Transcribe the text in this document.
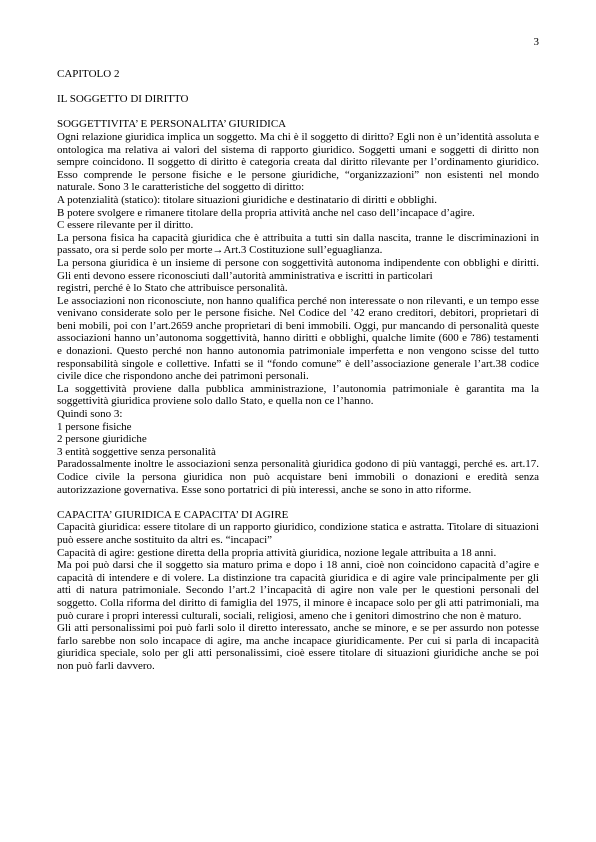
3
CAPITOLO 2
IL SOGGETTO DI DIRITTO
SOGGETTIVITA’ E PERSONALITA’ GIURIDICA

Ogni relazione giuridica implica un soggetto. Ma chi è il soggetto di diritto? Egli non è un’identità assoluta e ontologica ma relativa ai valori del sistema di rapporto giuridico. Soggetti umani e soggetti di diritto non sempre coincidono. Il soggetto di diritto è categoria creata dal diritto rilevante per l’ordinamento giuridico. Esso comprende le persone fisiche e le persone giuridiche, “organizzazioni” non esistenti nel mondo naturale. Sono 3 le caratteristiche del soggetto di diritto:

A potenzialità (statico): titolare situazioni giuridiche e destinatario di diritti e obblighi.

B potere svolgere e rimanere titolare della propria attività anche nel caso dell’incapace d’agire.

C essere rilevante per il diritto.

La persona fisica ha capacità giuridica che è attribuita a tutti sin dalla nascita, tranne le discriminazioni in passato, ora si perde solo per morte→Art.3 Costituzione sull’eguaglianza.

La persona giuridica è un insieme di persone con soggettività autonoma indipendente con obblighi e diritti. Gli enti devono essere riconosciuti dall’autorità amministrativa e iscritti in particolari

registri, perché è lo Stato che attribuisce personalità.

Le associazioni non riconosciute, non hanno qualifica perché non interessate o non rilevanti, e un tempo esse venivano considerate solo per le persone fisiche. Nel Codice del ’42 erano creditori, debitori, proprietari di beni mobili, poi con l’art.2659 anche proprietari di beni immobili. Oggi, pur mancando di personalità queste associazioni hanno un’autonoma soggettività, hanno diritti e obblighi, qualche limite (600 e 786) testamenti e donazioni. Questo perché non hanno autonomia patrimoniale imperfetta e non vengono scisse del tutto responsabilità singole e collettive. Infatti se il “fondo comune” è dell’associazione generale l’art.38 codice civile dice che rispondono anche dei patrimoni personali.

La soggettività proviene dalla pubblica amministrazione, l’autonomia patrimoniale è garantita ma la soggettività giuridica proviene solo dallo Stato, e quella non ce l’hanno.

Quindi sono 3:

1 persone fisiche

2 persone giuridiche

3 entità soggettive senza personalità

Paradossalmente inoltre le associazioni senza personalità giuridica godono di più vantaggi, perché es. art.17. Codice civile la persona giuridica non può acquistare beni immobili o donazioni e eredità senza autorizzazione governativa. Esse sono portatrici di più interessi, anche se sono in atto riforme.

CAPACITA’ GIURIDICA E CAPACITA’ DI AGIRE

Capacità giuridica: essere titolare di un rapporto giuridico, condizione statica e astratta. Titolare di situazioni può essere anche sostituito da altri es. “incapaci”

Capacità di agire: gestione diretta della propria attività giuridica, nozione legale attribuita a 18 anni.

Ma poi può darsi che il soggetto sia maturo prima e dopo i 18 anni, cioè non coincidono capacità d’agire e capacità di intendere e di volere. La distinzione tra capacità giuridica e di agire vale principalmente per gli atti di natura patrimoniale. Secondo l’art.2 l’incapacità di agire non vale per le questioni personali del soggetto. Colla riforma del diritto di famiglia del 1975, il minore è incapace solo per gli atti patrimoniali, ma può curare i propri interessi culturali, sociali, religiosi, ameno che i genitori dimostrino che non è maturo.

Gli atti personalissimi poi può farli solo il diretto interessato, anche se minore, e se per assurdo non potesse farlo sarebbe non solo incapace di agire, ma anche incapace giuridicamente. Per cui si parla di incapacità giuridica speciale, solo per gli atti personalissimi, cioè essere titolare di situazioni giuridiche anche se poi non può farli davvero.
